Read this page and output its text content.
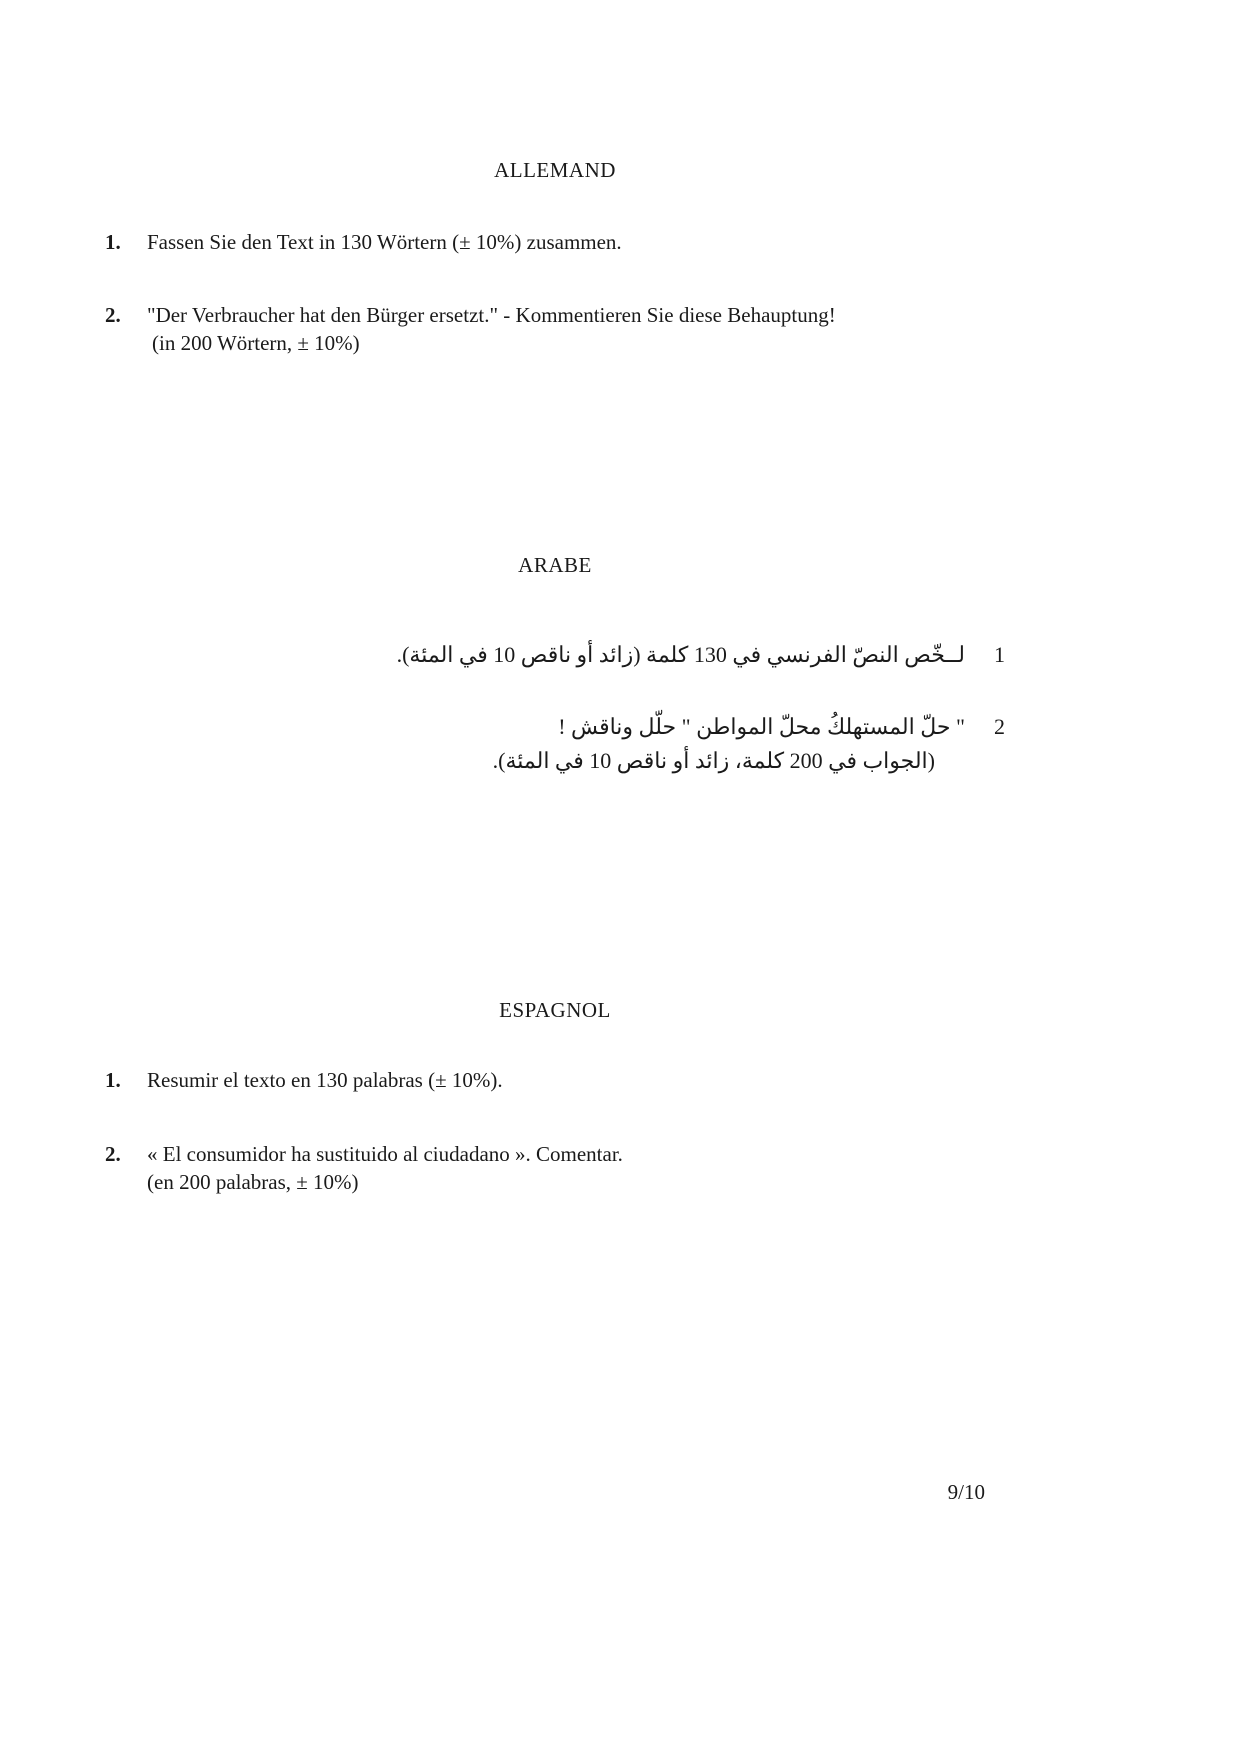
ALLEMAND
1.	Fassen Sie den Text in 130 Wörtern (± 10%) zusammen.
2.	"Der Verbraucher hat den Bürger ersetzt." - Kommentieren Sie diese Behauptung!
(in 200 Wörtern, ± 10%)
ARABE
1
لــخّص النصّ الفرنسي في 130 كلمة (زائد أو ناقص 10 في المئة).
2
" حلّ المستهلكُ محلّ المواطن " حلّل وناقش !
(الجواب في 200 كلمة، زائد أو ناقص 10 في المئة).
ESPAGNOL
1.	Resumir el texto en 130 palabras (± 10%).
2.	« El consumidor ha sustituido al ciudadano ». Comentar.
(en 200 palabras, ± 10%)
9/10
